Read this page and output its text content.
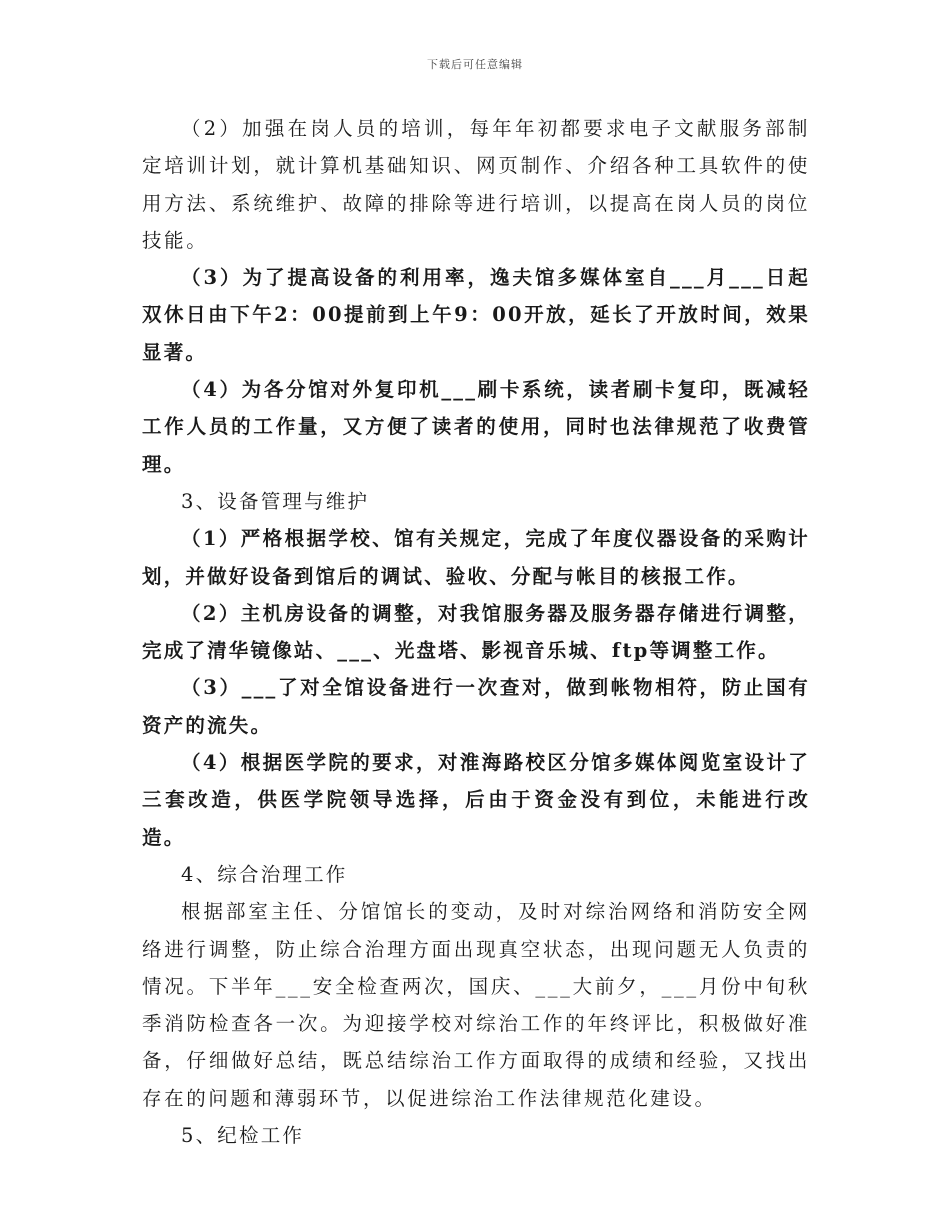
下载后可任意编辑

（2）加强在岗人员的培训，每年年初都要求电子文献服务部制定培训计划，就计算机基础知识、网页制作、介绍各种工具软件的使用方法、系统维护、故障的排除等进行培训，以提高在岗人员的岗位技能。

（3）为了提高设备的利用率，逸夫馆多媒体室自___月___日起双休日由下午2：00提前到上午9：00开放，延长了开放时间，效果显著。

（4）为各分馆对外复印机___刷卡系统，读者刷卡复印，既减轻工作人员的工作量，又方便了读者的使用，同时也法律规范了收费管理。

3、设备管理与维护

（1）严格根据学校、馆有关规定，完成了年度仪器设备的采购计划，并做好设备到馆后的调试、验收、分配与帐目的核报工作。

（2）主机房设备的调整，对我馆服务器及服务器存储进行调整，完成了清华镜像站、___、光盘塔、影视音乐城、ftp等调整工作。

（3）___了对全馆设备进行一次查对，做到帐物相符，防止国有资产的流失。

（4）根据医学院的要求，对淮海路校区分馆多媒体阅览室设计了三套改造，供医学院领导选择，后由于资金没有到位，未能进行改造。

4、综合治理工作

根据部室主任、分馆馆长的变动，及时对综治网络和消防安全网络进行调整，防止综合治理方面出现真空状态，出现问题无人负责的情况。下半年___安全检查两次，国庆、___大前夕，___月份中旬秋季消防检查各一次。为迎接学校对综治工作的年终评比，积极做好准备，仔细做好总结，既总结综治工作方面取得的成绩和经验，又找出存在的问题和薄弱环节，以促进综治工作法律规范化建设。

5、纪检工作
